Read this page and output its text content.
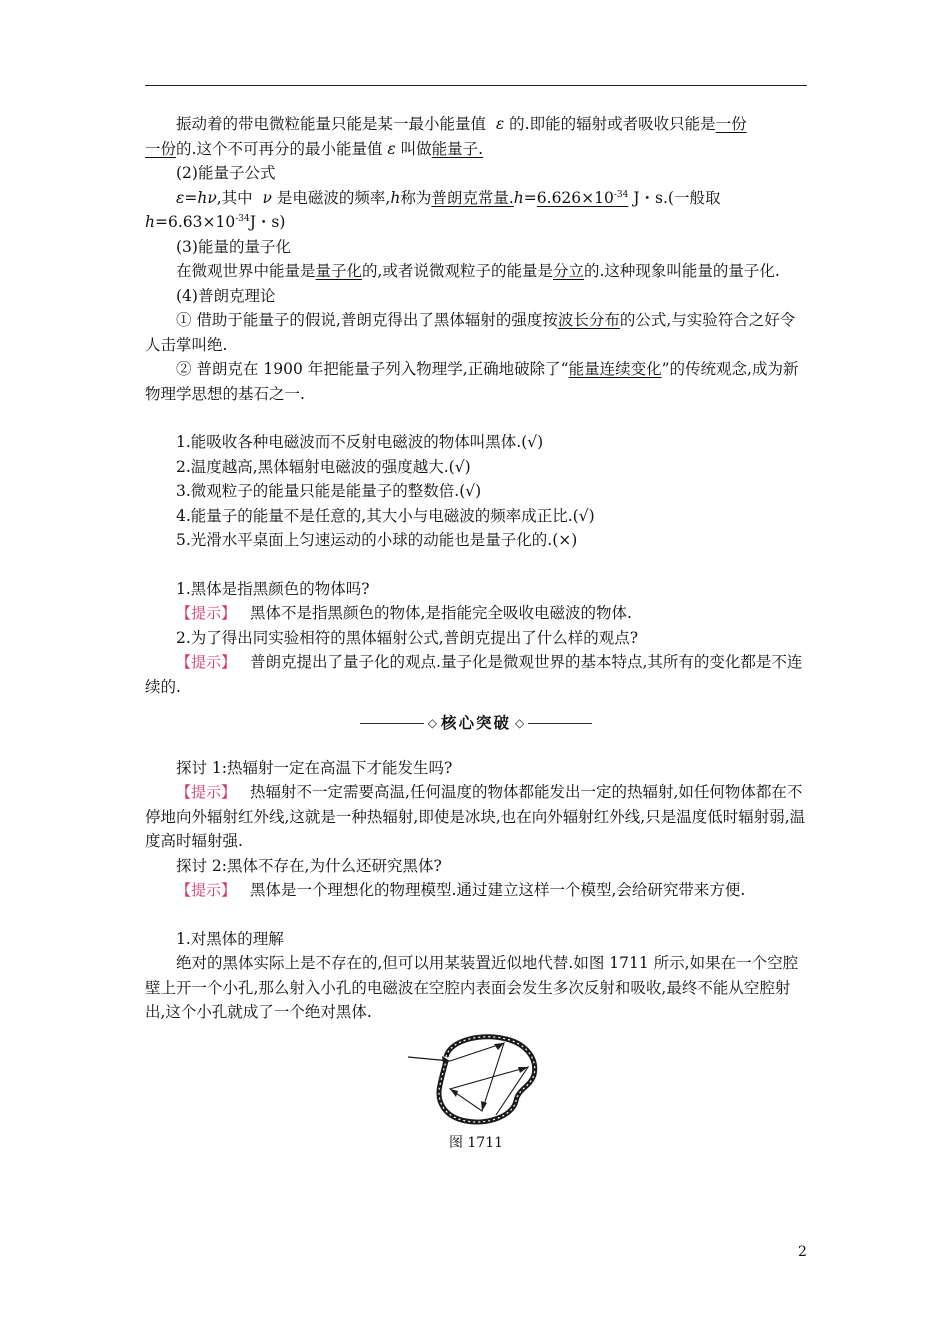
振动着的带电微粒能量只能是某一最小能量值 ε 的.即能的辐射或者吸收只能是一份
一份的.这个不可再分的最小能量值 ε 叫做能量子.

(2)能量子公式

ε=hν,其中 ν 是电磁波的频率,h称为普朗克常量$.h=6.626\times 10^{-34}$ J・s.(一般取
$h=6.63\times 10^{-34}J$・s)

(3)能量的量子化

在微观世界中能量是量子化的,或者说微观粒子的能量是分立的.这种现象叫能量的量子化.

(4)普朗克理论

① 借助于能量子的假说,普朗克得出了黑体辐射的强度按波长分布的公式,与实验符合之好令人击掌叫绝.

② 普朗克在 1900 年把能量子列入物理学,正确地破除了“能量连续变化”的传统观念,成为新物理学思想的基石之一.

1.能吸收各种电磁波而不反射电磁波的物体叫黑体.(√)

2.温度越高,黑体辐射电磁波的强度越大.(√)

3.微观粒子的能量只能是能量子的整数倍.(√)

4.能量子的能量不是任意的,其大小与电磁波的频率成正比.(√)

5.光滑水平桌面上匀速运动的小球的动能也是量子化的.(×)

1.黑体是指黑颜色的物体吗?

【提示】 黑体不是指黑颜色的物体,是指能完全吸收电磁波的物体.

2.为了得出同实验相符的黑体辐射公式,普朗克提出了什么样的观点?

【提示】 普朗克提出了量子化的观点.量子化是微观世界的基本特点,其所有的变化都是不连续的.

◇ 核心突破 ◇

探讨 1:热辐射一定在高温下才能发生吗?

【提示】 热辐射不一定需要高温,任何温度的物体都能发出一定的热辐射,如任何物体都在不停地向外辐射红外线,这就是一种热辐射,即使是冰块,也在向外辐射红外线,只是温度低时辐射弱,温度高时辐射强.

探讨 2:黑体不存在,为什么还研究黑体?

【提示】 黑体是一个理想化的物理模型.通过建立这样一个模型,会给研究带来方便.

1.对黑体的理解

绝对的黑体实际上是不存在的,但可以用某装置近似地代替.如图 1711 所示,如果在一个空腔壁上开一个小孔,那么射入小孔的电磁波在空腔内表面会发生多次反射和吸收,最终不能从空腔射出,这个小孔就成了一个绝对黑体.

图 1711
2
